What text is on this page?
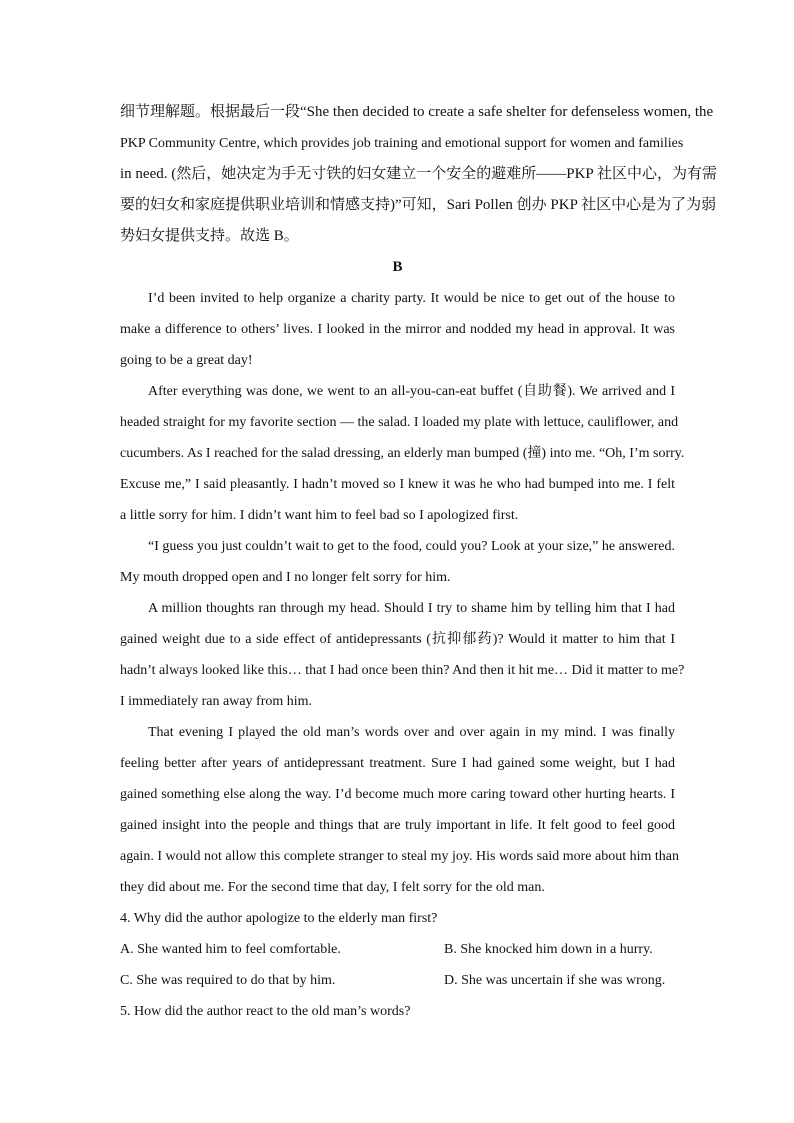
细节理解题。根据最后一段“She then decided to create a safe shelter for defenseless women, the
PKP Community Centre, which provides job training and emotional support for women and families
in need. (然后，她决定为手无寸铁的妇女建立一个安全的避难所——PKP 社区中心，为有需
要的妇女和家庭提供职业培训和情感支持)”可知，Sari Pollen 创办 PKP 社区中心是为了为弱
势妇女提供支持。故选 B。
B
I’d been invited to help organize a charity party. It would be nice to get out of the house to
make a difference to others’ lives. I looked in the mirror and nodded my head in approval. It was
going to be a great day!
After everything was done, we went to an all-you-can-eat buffet (自助餐). We arrived and I
headed straight for my favorite section — the salad. I loaded my plate with lettuce, cauliflower, and
cucumbers. As I reached for the salad dressing, an elderly man bumped (撞) into me. “Oh, I’m sorry.
Excuse me,” I said pleasantly. I hadn’t moved so I knew it was he who had bumped into me. I felt
a little sorry for him. I didn’t want him to feel bad so I apologized first.
“I guess you just couldn’t wait to get to the food, could you? Look at your size,” he answered.
My mouth dropped open and I no longer felt sorry for him.
A million thoughts ran through my head. Should I try to shame him by telling him that I had
gained weight due to a side effect of antidepressants (抗抑郁药)? Would it matter to him that I
hadn’t always looked like this… that I had once been thin? And then it hit me… Did it matter to me?
I immediately ran away from him.
That evening I played the old man’s words over and over again in my mind. I was finally
feeling better after years of antidepressant treatment. Sure I had gained some weight, but I had
gained something else along the way. I’d become much more caring toward other hurting hearts. I
gained insight into the people and things that are truly important in life. It felt good to feel good
again. I would not allow this complete stranger to steal my joy. His words said more about him than
they did about me. For the second time that day, I felt sorry for the old man.
4. Why did the author apologize to the elderly man first?
A. She wanted him to feel comfortable.	B. She knocked him down in a hurry.
C. She was required to do that by him.	D. She was uncertain if she was wrong.
5. How did the author react to the old man’s words?
